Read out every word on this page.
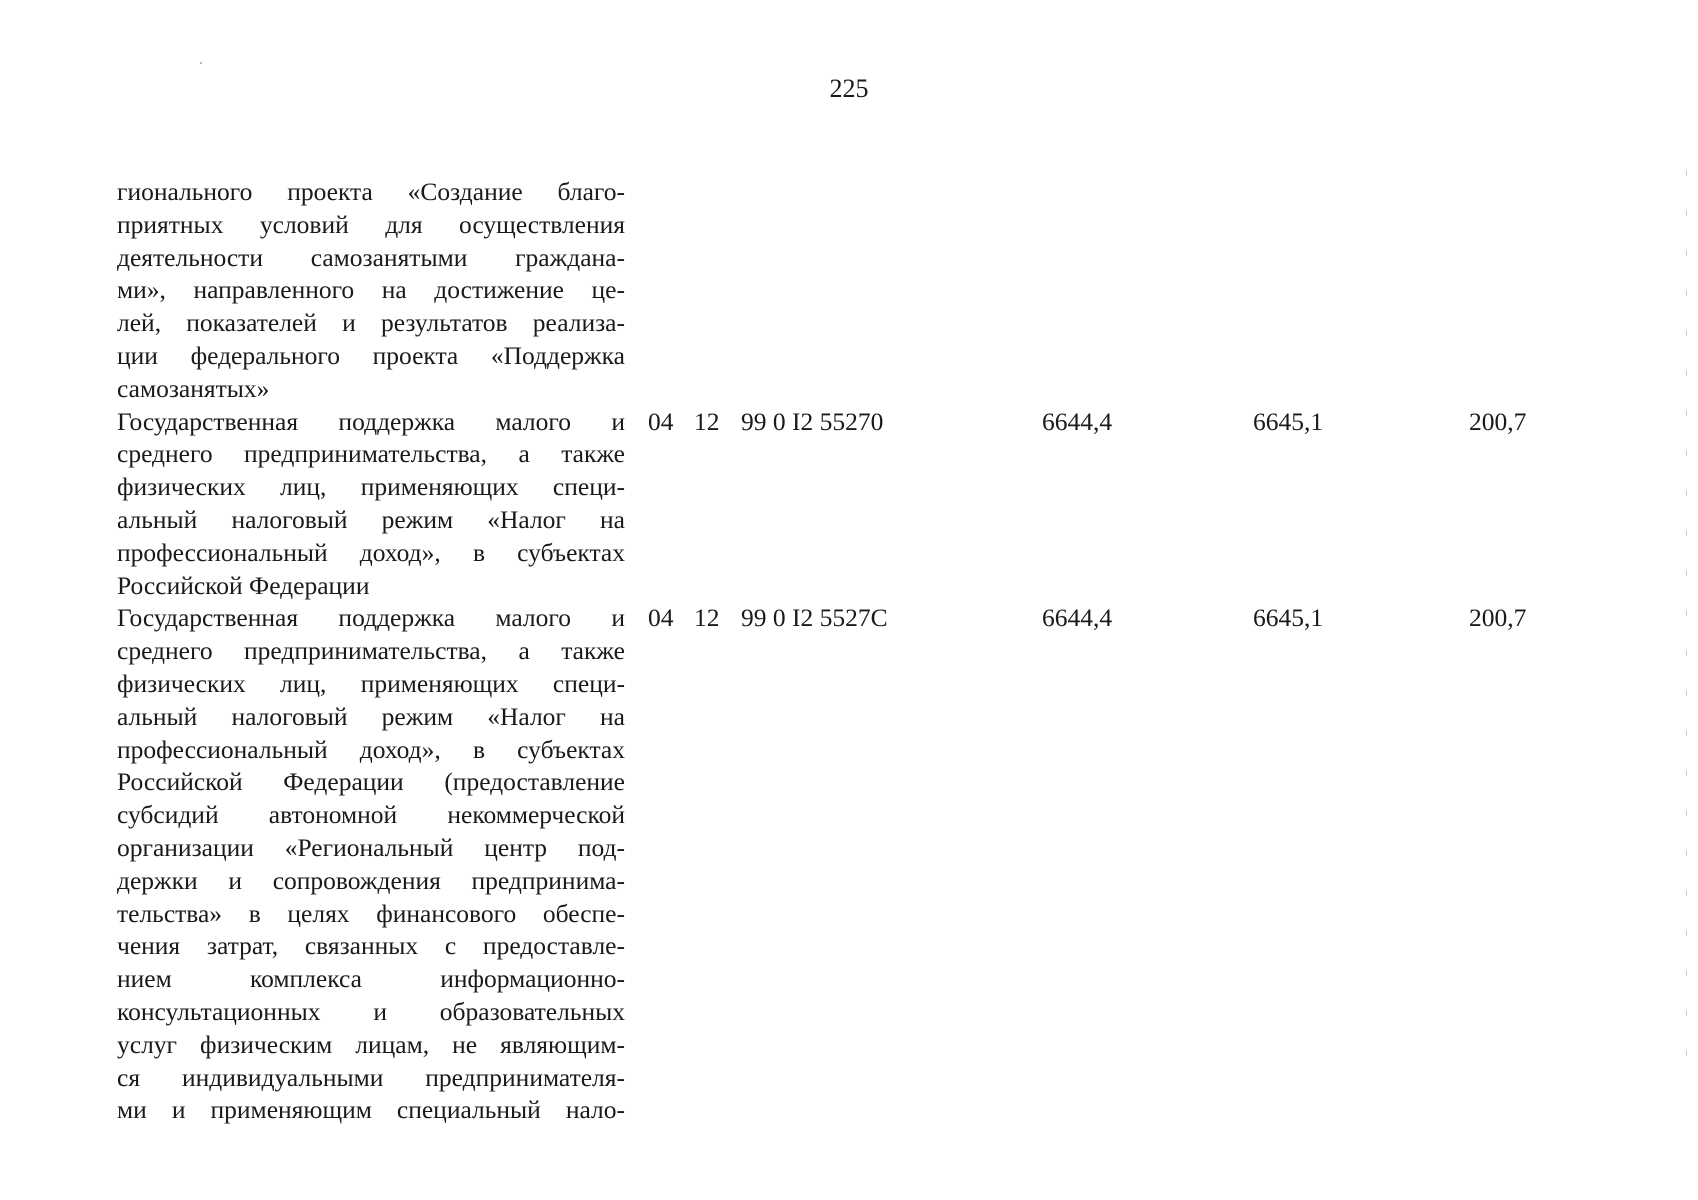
225
гионального проекта «Создание благо-
приятных условий для осуществления
деятельности самозанятыми граждана-
ми», направленного на достижение це-
лей, показателей и результатов реализа-
ции федерального проекта «Поддержка
самозанятых»
Государственная поддержка малого и
среднего предпринимательства, а также
физических лиц, применяющих специ-
альный налоговый режим «Налог на
профессиональный доход», в субъектах
Российской Федерации
04 12 99 0 I2 55270	6644,4	6645,1	200,7
Государственная поддержка малого и
среднего предпринимательства, а также
физических лиц, применяющих специ-
альный налоговый режим «Налог на
профессиональный доход», в субъектах
Российской Федерации (предоставление
субсидий автономной некоммерческой
организации «Региональный центр под-
держки и сопровождения предпринима-
тельства» в целях финансового обеспе-
чения затрат, связанных с предоставле-
нием комплекса информационно-
консультационных и образовательных
услуг физическим лицам, не являющим-
ся индивидуальными предпринимателя-
ми и применяющим специальный нало-
04 12 99 0 I2 5527C	6644,4	6645,1	200,7
